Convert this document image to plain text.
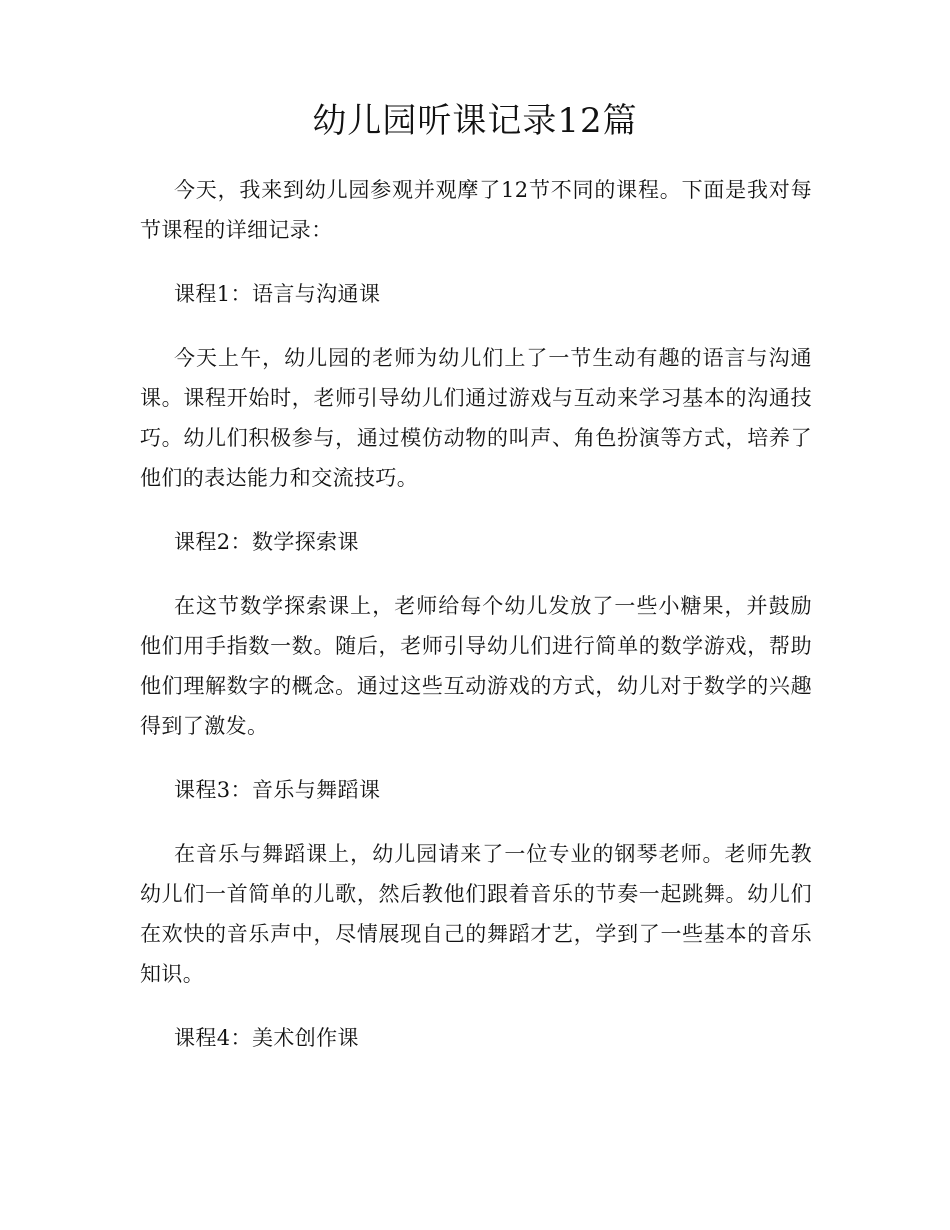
幼儿园听课记录12篇

今天，我来到幼儿园参观并观摩了12节不同的课程。下面是我对每节课程的详细记录：

课程1：语言与沟通课

今天上午，幼儿园的老师为幼儿们上了一节生动有趣的语言与沟通课。课程开始时，老师引导幼儿们通过游戏与互动来学习基本的沟通技巧。幼儿们积极参与，通过模仿动物的叫声、角色扮演等方式，培养了他们的表达能力和交流技巧。

课程2：数学探索课

在这节数学探索课上，老师给每个幼儿发放了一些小糖果，并鼓励他们用手指数一数。随后，老师引导幼儿们进行简单的数学游戏，帮助他们理解数字的概念。通过这些互动游戏的方式，幼儿对于数学的兴趣得到了激发。

课程3：音乐与舞蹈课

在音乐与舞蹈课上，幼儿园请来了一位专业的钢琴老师。老师先教幼儿们一首简单的儿歌，然后教他们跟着音乐的节奏一起跳舞。幼儿们在欢快的音乐声中，尽情展现自己的舞蹈才艺，学到了一些基本的音乐知识。

课程4：美术创作课
